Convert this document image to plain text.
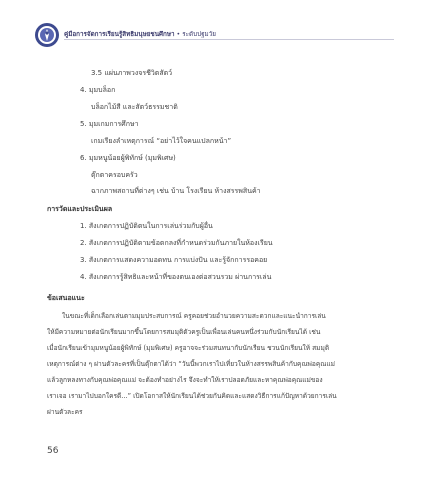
คู่มือการจัดการเรียนรู้สิทธิมนุษยชนศึกษา • ระดับปฐมวัย
3.5 แผ่นภาพวงจรชีวิตสัตว์
4. มุมบล็อก
บล็อกไม้สี และสัตว์ธรรมชาติ
5. มุมเกมการศึกษา
เกมเรียงลำเหตุการณ์ “อย่าไว้ใจคนแปลกหน้า”
6. มุมหนูน้อยผู้พิทักษ์ (มุมพิเศษ)
ตุ๊กตาครอบครัว
ฉากภาพสถานที่ต่างๆ เช่น บ้าน โรงเรียน ห้างสรรพสินค้า
การวัดและประเมินผล
1. สังเกตการปฏิบัติตนในการเล่นร่วมกับผู้อื่น
2. สังเกตการปฏิบัติตามข้อตกลงที่กำหนดร่วมกันภายในห้องเรียน
3. สังเกตการแสดงความอดทน การแบ่งปัน และรู้จักการรอคอย
4. สังเกตการรู้สิทธิและหน้าที่ของตนเองต่อสวนรวม ผ่านการเล่น
ข้อเสนอแนะ
ในขณะที่เด็กเลือกเล่นตามมุมประสบการณ์ ครูคอยช่วยอำนวยความสะดวกและแนะนำการเล่น
ให้มีความหมายต่อนักเรียนมากขึ้นโดยการสมมุติตัวครูเป็นเพื่อนเล่นคนหนึ่งร่วมกับนักเรียนได้ เช่น
เมื่อนักเรียนเข้ามุมหนูน้อยผู้พิทักษ์ (มุมพิเศษ) ครูอาจจะร่วมสนทนากับนักเรียน ชวนนักเรียนให้ สมมุติ
เหตุการณ์ต่าง ๆ ผ่านตัวละครที่เป็นตุ๊กตาได้ว่า “วันนี้พวกเราไปเที่ยวในห้างสรรพสินค้ากับคุณพ่อคุณแม่
แล้วลูกหลงทางกับคุณพ่อคุณแม่ จะต้องทำอย่างไร จึงจะทำให้เราปลอดภัยและหาคุณพ่อคุณแม่ของ
เราเจอ เรามาไปบอกใครดี...” เปิดโอกาสให้นักเรียนได้ช่วยกันคิดและแสดงวิธีการแก้ปัญหาด้วยการเล่น
ผ่านตัวละคร
56
